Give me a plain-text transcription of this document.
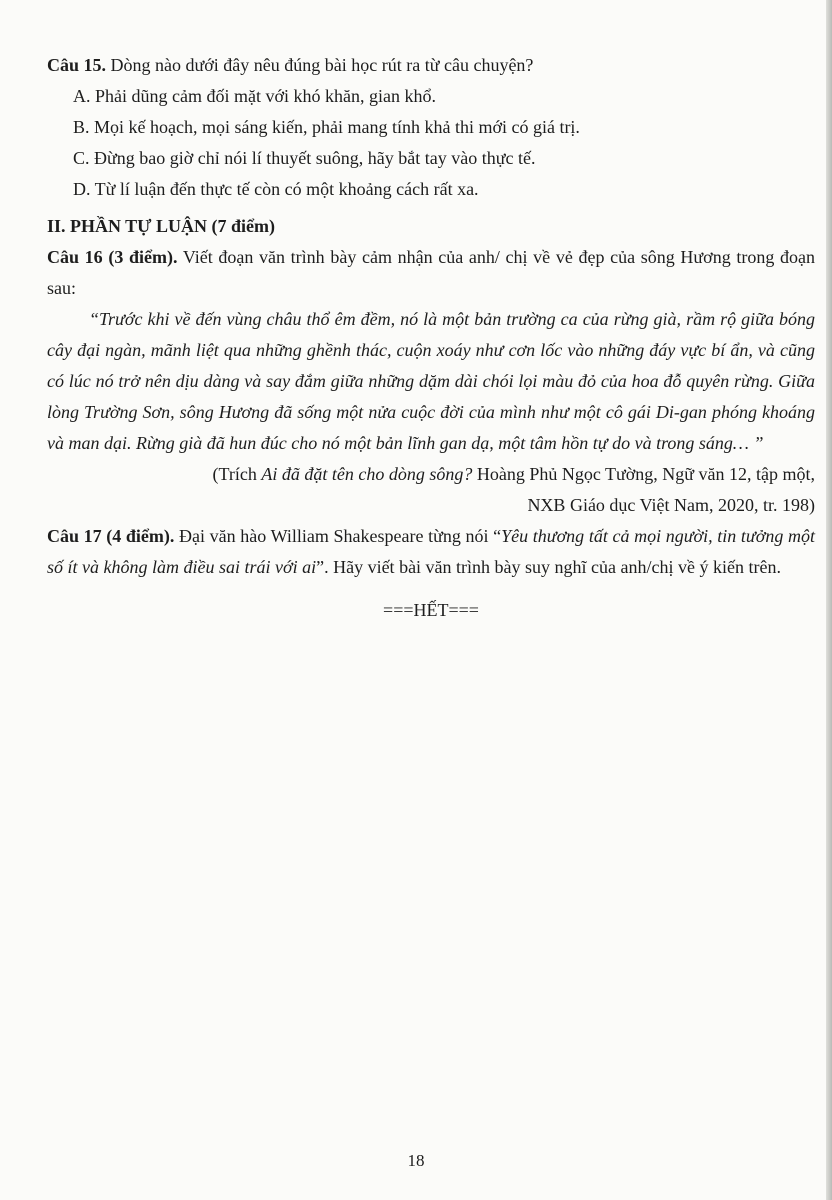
Câu 15. Dòng nào dưới đây nêu đúng bài học rút ra từ câu chuyện?
A. Phải dũng cảm đối mặt với khó khăn, gian khổ.
B. Mọi kế hoạch, mọi sáng kiến, phải mang tính khả thi mới có giá trị.
C. Đừng bao giờ chỉ nói lí thuyết suông, hãy bắt tay vào thực tế.
D. Từ lí luận đến thực tế còn có một khoảng cách rất xa.
II. PHẦN TỰ LUẬN (7 điểm)
Câu 16 (3 điểm). Viết đoạn văn trình bày cảm nhận của anh/ chị về vẻ đẹp của sông Hương trong đoạn sau:
“Trước khi về đến vùng châu thổ êm đềm, nó là một bản trường ca của rừng già, rầm rộ giữa bóng cây đại ngàn, mãnh liệt qua những ghềnh thác, cuộn xoáy như cơn lốc vào những đáy vực bí ẩn, và cũng có lúc nó trở nên dịu dàng và say đắm giữa những dặm dài chói lọi màu đỏ của hoa đỗ quyên rừng. Giữa lòng Trường Sơn, sông Hương đã sống một nửa cuộc đời của mình như một cô gái Di-gan phóng khoáng và man dại. Rừng già đã hun đúc cho nó một bản lĩnh gan dạ, một tâm hồn tự do và trong sáng… ”
(Trích Ai đã đặt tên cho dòng sông? Hoàng Phủ Ngọc Tường, Ngữ văn 12, tập một,
NXB Giáo dục Việt Nam, 2020, tr. 198)
Câu 17 (4 điểm). Đại văn hào William Shakespeare từng nói “Yêu thương tất cả mọi người, tin tưởng một số ít và không làm điều sai trái với ai”. Hãy viết bài văn trình bày suy nghĩ của anh/chị về ý kiến trên.
===HẾT===
18
